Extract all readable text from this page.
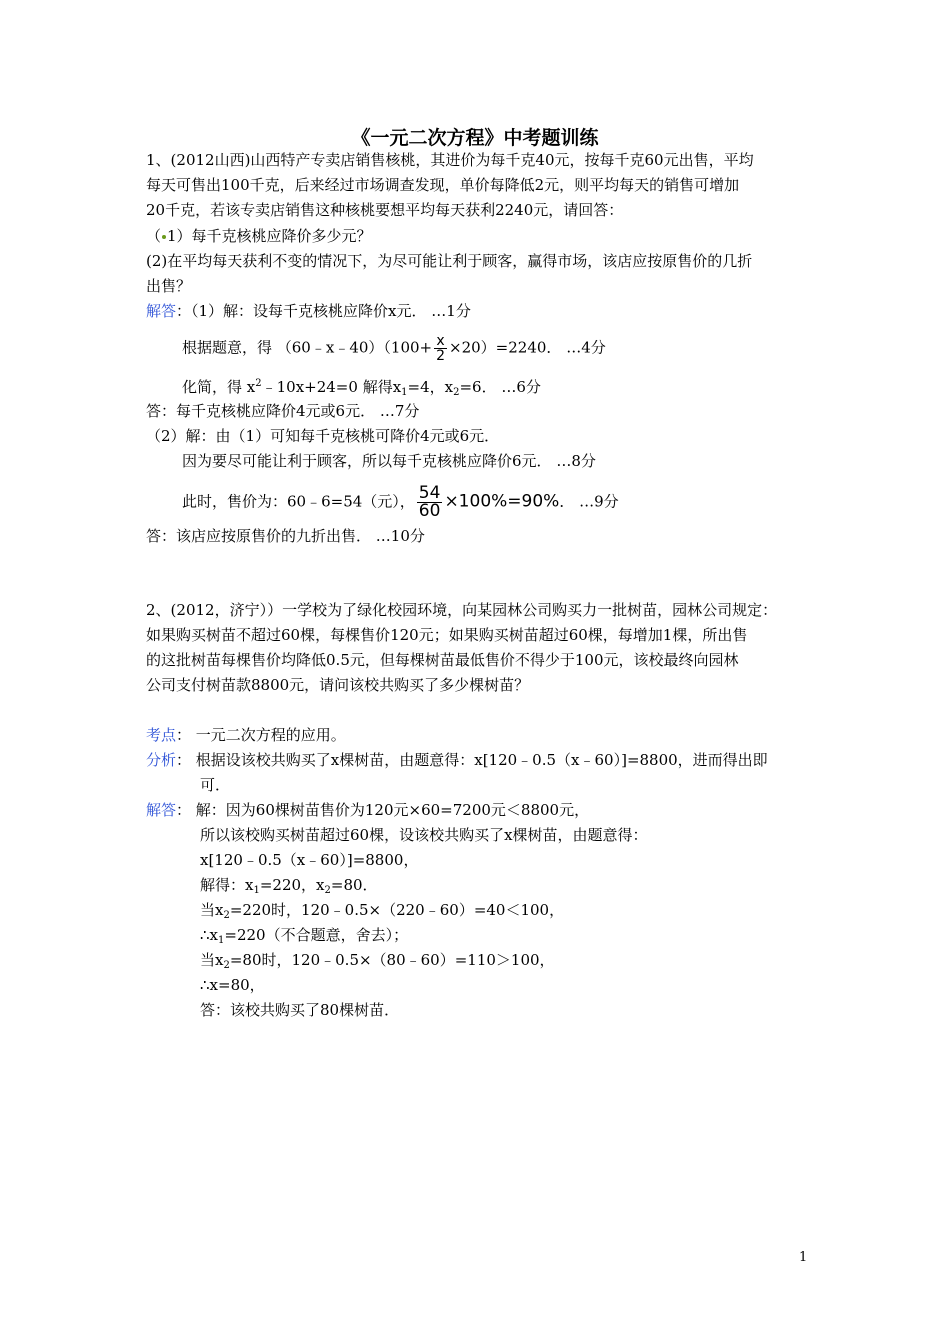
《一元二次方程》中考题训练
1、(2012山西)山西特产专卖店销售核桃，其进价为每千克40元，按每千克60元出售，平均
每天可售出100千克，后来经过市场调查发现，单价每降低2元，则平均每天的销售可增加
20千克，若该专卖店销售这种核桃要想平均每天获利2240元，请回答：
（ 1）每千克核桃应降价多少元？
(2)在平均每天获利不变的情况下，为尽可能让利于顾客，赢得市场，该店应按原售价的几折
出售？
解答：（1）解：设每千克核桃应降价x元． …1分
根据题意，得 （60﹣x﹣40）（100+ $\frac{x}{2} \times 20)=2240$． …4分
化简，得 $x^2﹣10x+24=0$ 解得$x_1=4$，$x_2=6$． …6分
答：每千克核桃应降价4元或6元． …7分
（2）解：由（1）可知每千克核桃可降价4元或6元．
因为要尽可能让利于顾客，所以每千克核桃应降价6元． …8分
此时，售价为：60﹣6=54（元）， $\frac{54}{60} \times 100\%=90\%$． …9分
答：该店应按原售价的九折出售． …10分
2、(2012，济宁））一学校为了绿化校园环境，向某园林公司购买力一批树苗，园林公司规定：
如果购买树苗不超过60棵，每棵售价120元；如果购买树苗超过60棵，每增加1棵，所出售
的这批树苗每棵售价均降低0.5元，但每棵树苗最低售价不得少于100元，该校最终向园林
公司支付树苗款8800元，请问该校共购买了多少棵树苗？
考点： 一元二次方程的应用。
分析： 根据设该校共购买了x棵树苗，由题意得：x[120﹣0.5（x﹣60）]=8800，进而得出即
可．
解答： 解：因为60棵树苗售价为120元×60=7200元＜8800元，
所以该校购买树苗超过60棵，设该校共购买了x棵树苗，由题意得：
x[120﹣0.5（x﹣60）]=8800，
解得：$x_1=220$，$x_2=80$．
当$x_2=220$时，120﹣0.5×（220﹣60）=40＜100，
$\therefore x_1=220$（不合题意，舍去）；
当$x_2=80$时，120﹣0.5×（80﹣60）=110＞100，
∴x=80，
答：该校共购买了80棵树苗．
1
